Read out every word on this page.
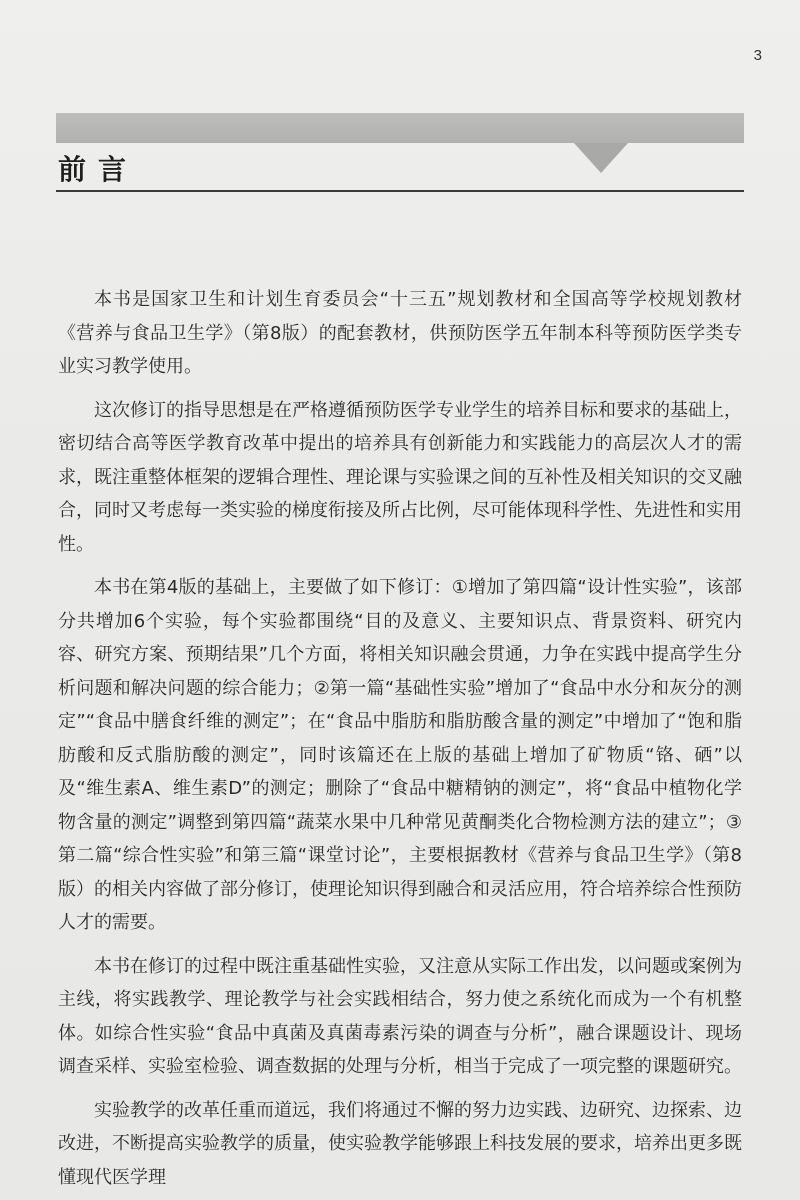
3
前言

本书是国家卫生和计划生育委员会“十三五”规划教材和全国高等学校规划教材《营养与食品卫生学》（第8版）的配套教材，供预防医学五年制本科等预防医学类专业实习教学使用。

这次修订的指导思想是在严格遵循预防医学专业学生的培养目标和要求的基础上，密切结合高等医学教育改革中提出的培养具有创新能力和实践能力的高层次人才的需求，既注重整体框架的逻辑合理性、理论课与实验课之间的互补性及相关知识的交叉融合，同时又考虑每一类实验的梯度衔接及所占比例，尽可能体现科学性、先进性和实用性。

本书在第4版的基础上，主要做了如下修订：①增加了第四篇“设计性实验”，该部分共增加6个实验，每个实验都围绕“目的及意义、主要知识点、背景资料、研究内容、研究方案、预期结果”几个方面，将相关知识融会贯通，力争在实践中提高学生分析问题和解决问题的综合能力；②第一篇“基础性实验”增加了“食品中水分和灰分的测定”“食品中膳食纤维的测定”；在“食品中脂肪和脂肪酸含量的测定”中增加了“饱和脂肪酸和反式脂肪酸的测定”，同时该篇还在上版的基础上增加了矿物质“铬、硒”以及“维生素A、维生素D”的测定；删除了“食品中糖精钠的测定”，将“食品中植物化学物含量的测定”调整到第四篇“蔬菜水果中几种常见黄酮类化合物检测方法的建立”；③第二篇“综合性实验”和第三篇“课堂讨论”，主要根据教材《营养与食品卫生学》（第8版）的相关内容做了部分修订，使理论知识得到融合和灵活应用，符合培养综合性预防人才的需要。

本书在修订的过程中既注重基础性实验，又注意从实际工作出发，以问题或案例为主线，将实践教学、理论教学与社会实践相结合，努力使之系统化而成为一个有机整体。如综合性实验“食品中真菌及真菌毒素污染的调查与分析”，融合课题设计、现场调查采样、实验室检验、调查数据的处理与分析，相当于完成了一项完整的课题研究。

实验教学的改革任重而道远，我们将通过不懈的努力边实践、边研究、边探索、边改进，不断提高实验教学的质量，使实验教学能够跟上科技发展的要求，培养出更多既懂现代医学理
